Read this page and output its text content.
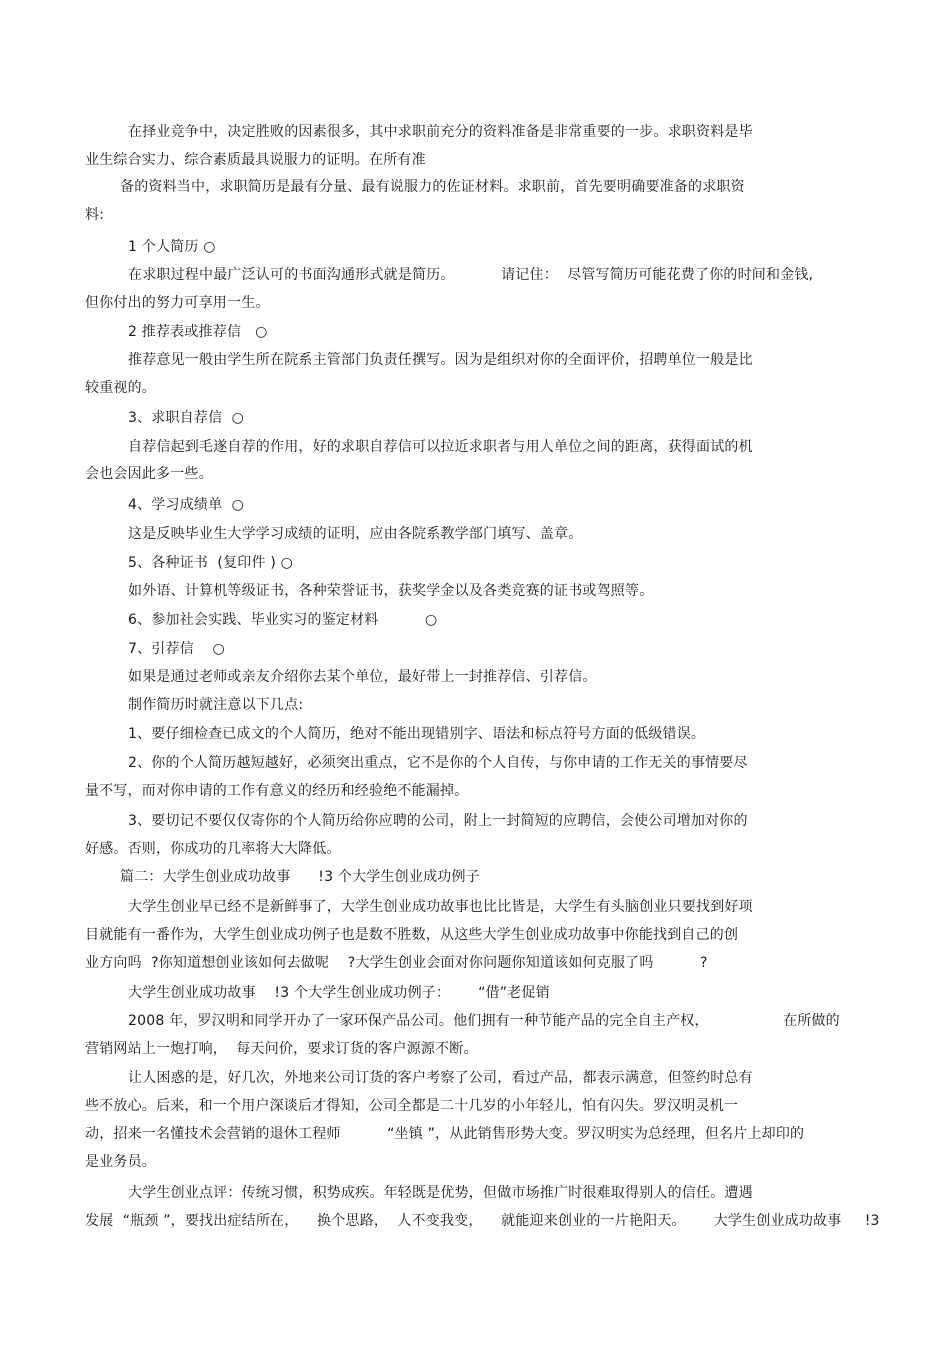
在择业竞争中，决定胜败的因素很多，其中求职前充分的资料准备是非常重要的一步。求职资料是毕
业生综合实力、综合素质最具说服力的证明。在所有准
备的资料当中，求职简历是最有分量、最有说服力的佐证材料。求职前，首先要明确要准备的求职资
料:
1 个人简历 ○
在求职过程中最广泛认可的书面沟通形式就是简历。          请记住：  尽管写简历可能花费了你的时间和金钱,
但你付出的努力可享用一生。
2 推荐表或推荐信   ○
推荐意见一般由学生所在院系主管部门负责任撰写。因为是组织对你的全面评价，招聘单位一般是比
较重视的。
3、求职自荐信  ○
自荐信起到毛遂自荐的作用，好的求职自荐信可以拉近求职者与用人单位之间的距离，获得面试的机
会也会因此多一些。
4、学习成绩单  ○
这是反映毕业生大学学习成绩的证明，应由各院系教学部门填写、盖章。
5、各种证书  (复印件 ) ○
如外语、计算机等级证书，各种荣誉证书，获奖学金以及各类竞赛的证书或驾照等。
6、参加社会实践、毕业实习的鉴定材料          ○
7、引荐信    ○
如果是通过老师或亲友介绍你去某个单位，最好带上一封推荐信、引荐信。
制作简历时就注意以下几点:
1、要仔细检查已成文的个人简历，绝对不能出现错别字、语法和标点符号方面的低级错误。
2、你的个人简历越短越好，必须突出重点，它不是你的个人自传，与你申请的工作无关的事情要尽
量不写，而对你申请的工作有意义的经历和经验绝不能漏掉。
3、要切记不要仅仅寄你的个人简历给你应聘的公司，附上一封简短的应聘信，会使公司增加对你的
好感。否则，你成功的几率将大大降低。
篇二：大学生创业成功故事      !3 个大学生创业成功例子
大学生创业早已经不是新鲜事了，大学生创业成功故事也比比皆是，大学生有头脑创业只要找到好项
目就能有一番作为，大学生创业成功例子也是数不胜数，从这些大学生创业成功故事中你能找到自己的创
业方向吗  ?你知道想创业该如何去做呢    ?大学生创业会面对你问题你知道该如何克服了吗          ?
大学生创业成功故事    !3 个大学生创业成功例子：      “借”老促销
2008 年，罗汉明和同学开办了一家环保产品公司。他们拥有一种节能产品的完全自主产权，                在所做的
营销网站上一炮打响，  每天问价，要求订货的客户源源不断。
让人困惑的是，好几次，外地来公司订货的客户考察了公司，看过产品，都表示满意，但签约时总有
些不放心。后来，和一个用户深谈后才得知，公司全都是二十几岁的小年轻儿，怕有闪失。罗汉明灵机一
动，招来一名懂技术会营销的退休工程师          “坐镇 ”，从此销售形势大变。罗汉明实为总经理，但名片上却印的
是业务员。
大学生创业点评：传统习惯，积势成疾。年轻既是优势，但做市场推广时很难取得别人的信任。遭遇
发展  “瓶颈 ”，要找出症结所在，    换个思路，  人不变我变，    就能迎来创业的一片艳阳天。      大学生创业成功故事     !3
